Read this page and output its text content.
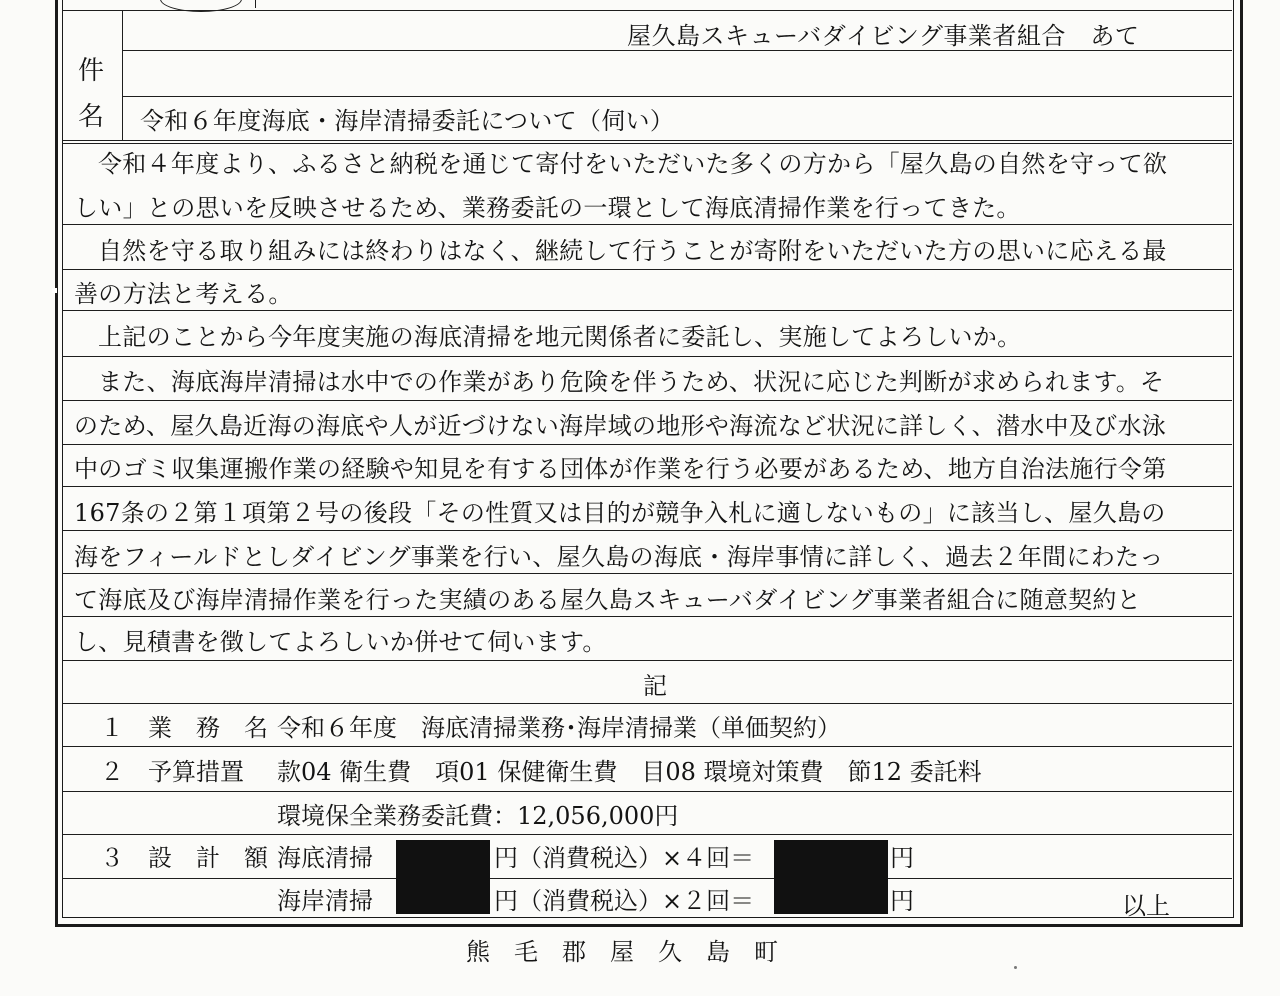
屋久島スキューバダイビング事業者組合　あて
件
名 令和６年度海底・海岸清掃委託について（伺い）
令和４年度より、ふるさと納税を通じて寄付をいただいた多くの方から「屋久島の自然を守って欲
しい」との思いを反映させるため、業務委託の一環として海底清掃作業を行ってきた。
自然を守る取り組みには終わりはなく、継続して行うことが寄附をいただいた方の思いに応える最
善の方法と考える。
上記のことから今年度実施の海底清掃を地元関係者に委託し、実施してよろしいか。
また、海底海岸清掃は水中での作業があり危険を伴うため、状況に応じた判断が求められます。そ
のため、屋久島近海の海底や人が近づけない海岸域の地形や海流など状況に詳しく、潜水中及び水泳
中のゴミ収集運搬作業の経験や知見を有する団体が作業を行う必要があるため、地方自治法施行令第
167条の２第１項第２号の後段「その性質又は目的が競争入札に適しないもの」に該当し、屋久島の
海をフィールドとしダイビング事業を行い、屋久島の海底・海岸事情に詳しく、過去２年間にわたっ
て海底及び海岸清掃作業を行った実績のある屋久島スキューバダイビング事業者組合に随意契約と
し、見積書を徴してよろしいか併せて伺います。
記
１ 業　務　名 令和６年度　海底清掃業務･海岸清掃業（単価契約）
２ 予算措置 款04 衛生費　項01 保健衛生費　目08 環境対策費　節12 委託料
環境保全業務委託費：12,056,000円
３ 設　計　額 海底清掃	円（消費税込）×４回＝	円
海岸清掃	円（消費税込）×２回＝	円	以上
熊　毛　郡　屋　久　島　町
